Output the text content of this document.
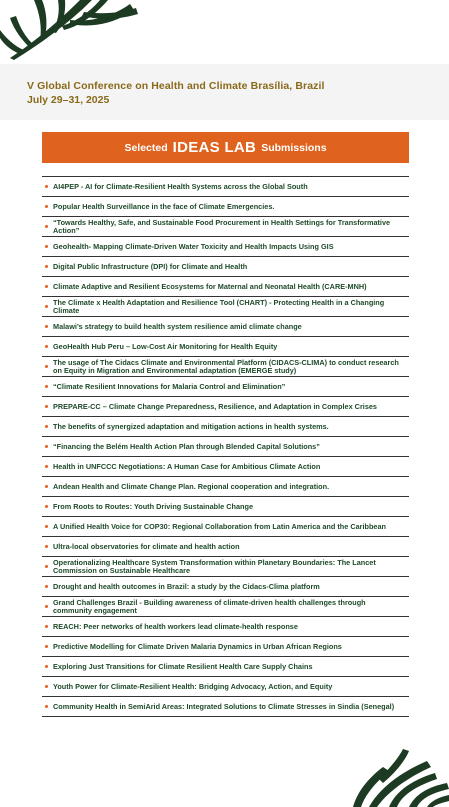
V Global Conference on Health and Climate Brasília, Brazil
July 29–31, 2025
Selected IDEAS LAB Submissions
AI4PEP - AI for Climate-Resilient Health Systems across the Global South
Popular Health Surveillance in the face of Climate Emergencies.
“Towards Healthy, Safe, and Sustainable Food Procurement in Health Settings for Transformative Action”
Geohealth- Mapping Climate-Driven Water Toxicity and Health Impacts Using GIS
Digital Public Infrastructure (DPI) for Climate and Health
Climate Adaptive and Resilient Ecosystems for Maternal and Neonatal Health (CARE-MNH)
The Climate x Health Adaptation and Resilience Tool (CHART) - Protecting Health in a Changing Climate
Malawi’s strategy to build health system resilience amid climate change
GeoHealth Hub Peru – Low-Cost Air Monitoring for Health Equity
The usage of The Cidacs Climate and Environmental Platform (CIDACS-CLIMA) to conduct research on Equity in Migration and Environmental adaptation (EMERGE study)
“Climate Resilient Innovations for Malaria Control and Elimination”
PREPARE-CC – Climate Change Preparedness, Resilience, and Adaptation in Complex Crises
The benefits of synergized adaptation and mitigation actions in health systems.
“Financing the Belém Health Action Plan through Blended Capital Solutions”
Health in UNFCCC Negotiations: A Human Case for Ambitious Climate Action
Andean Health and Climate Change Plan. Regional cooperation and integration.
From Roots to Routes: Youth Driving Sustainable Change
A Unified Health Voice for COP30: Regional Collaboration from Latin America and the Caribbean
Ultra-local observatories for climate and health action
Operationalizing Healthcare System Transformation within Planetary Boundaries: The Lancet Commission on Sustainable Healthcare
Drought and health outcomes in Brazil: a study by the Cidacs-Clima platform
Grand Challenges Brazil - Building awareness of climate-driven health challenges through community engagement
REACH: Peer networks of health workers lead climate-health response
Predictive Modelling for Climate Driven Malaria Dynamics in Urban African Regions
Exploring Just Transitions for Climate Resilient Health Care Supply Chains
Youth Power for Climate-Resilient Health: Bridging Advocacy, Action, and Equity
Community Health in SemiArid Areas: Integrated Solutions to Climate Stresses in Sindia (Senegal)
